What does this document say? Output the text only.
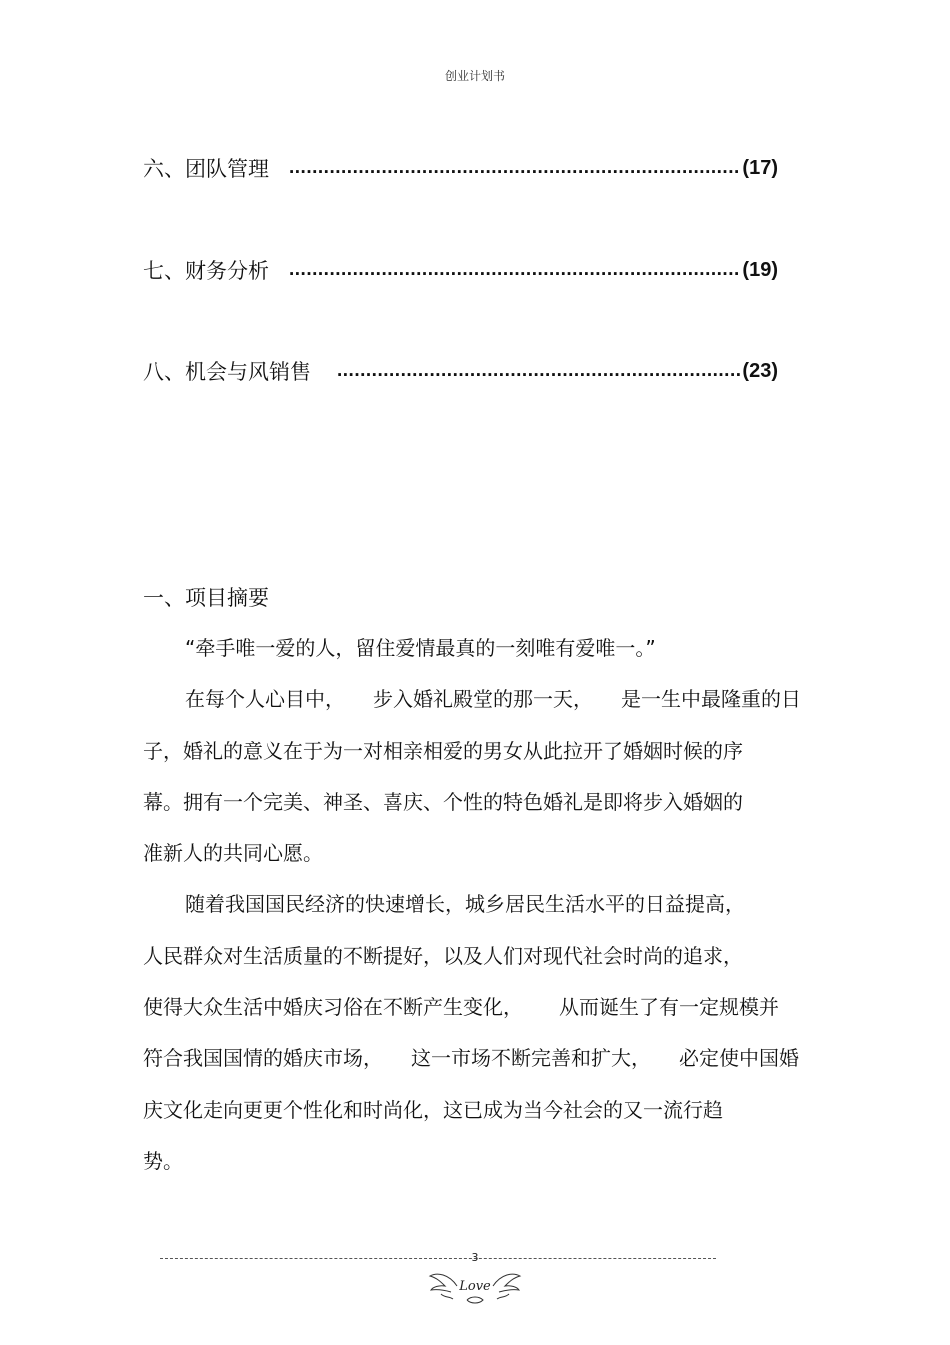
创业计划书
六、团队管理 .....	(17)
七、财务分析 .....	(19)
八、机会与风销售 .....	(23)
一、项目摘要
“牵手唯一爱的人，留住爱情最真的一刻唯有爱唯一。”
在每个人心目中， 步入婚礼殿堂的那一天， 是一生中最隆重的日
子，婚礼的意义在于为一对相亲相爱的男女从此拉开了婚姻时候的序
幕。拥有一个完美、神圣、喜庆、个性的特色婚礼是即将步入婚姻的
准新人的共同心愿。
随着我国国民经济的快速增长，城乡居民生活水平的日益提高，
人民群众对生活质量的不断提好，以及人们对现代社会时尚的追求，
使得大众生活中婚庆习俗在不断产生变化， 从而诞生了有一定规模并
符合我国国情的婚庆市场， 这一市场不断完善和扩大， 必定使中国婚
庆文化走向更更个性化和时尚化，这已成为当今社会的又一流行趋
势。
3
Love
